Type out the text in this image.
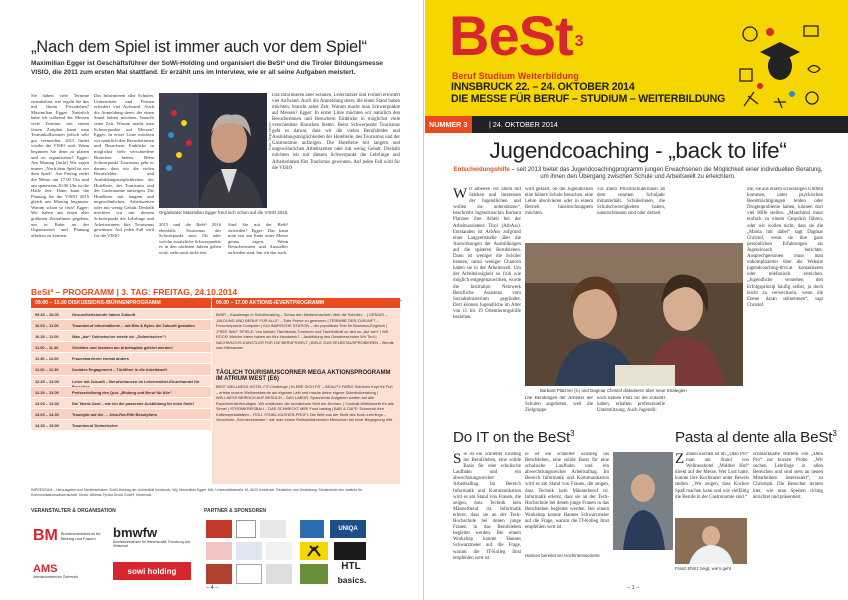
„Nach dem Spiel ist immer auch vor dem Spiel“
Maximilian Egger ist Geschäftsführer der SoWi-Holding und organisiert die BeSt³ und die Tiroler Bildungsmesse VISIO, die 2011 zum ersten Mal stattfand. Er erzählt uns im Interview, wie er all seine Aufgaben meistert.
Sie haben viele Termine einzuhalten, wie regeln Sie das mit Ihrem Privatleben? Maximilian Egger: Natürlich habe ich während der Messen viele Termine, mit einem festen Zeitplan kann man Terminkollisionen jedoch sehr gut vermeiden. 2015 findet wieder die VISIO statt. Wann beginnen Sie denn zu planen und zu organisieren? Egger: Am Montag (lacht) Wir sagen immer „Nach dem Spiel ist vor dem Spiel“. Am Freitag endet die Messe um 17.00 Uhr und um spätestens 20.00 Uhr ist die Halle leer. Dann kann die Planung für die VISIO 2015 gleich am Montag beginnen. Warum schon so früh? Egger: Wir haben uns einen eher größeren Zeitrahmen gegeben, um in Ruhe an der Organisation und Planung arbeiten zu können.
Das Informieren aller Schulen, Unterstützer und Firmen erfordert viel Aufwand. Auch die Anmeldung derer, die einen Stand haben möchten, braucht seine Zeit. Warum macht man Schwerpunkte auf Messen? Egger: In erster Linie möchten wir natürlich den Besucherinnen und Besuchern Einblicke in möglichst viele verschiedene Branchen bieten. Beim Schwerpunkt Tourismus geht es darum, dass wir die vielen Berufsfelder und Ausbildungsmöglichkeiten der Hotellerie, des Tourismus und der Gastronomie aufzeigen. Die Hotellerie mit langem und ungewöhnlichen Arbeitszeiten oder mit wenig Gehalt. Deshalb möchten wir mit diesem Schwerpunkt die Lehrlinge und Arbeiterinnen fürs Tourismus gewinnen. Auf jeden Fall wird für die VISIO
Organisator Maximilian Egger freut sich schon auf die VISIO 2015.
Foto: Tanja Meyer
2015 und die BeSt³ 2016 ebenfalls Tourismus der Schwerpunkt sein. Ob oder welche zusätzliche Schwerpunkte es in den nächsten Jahren geben wird, steht noch nicht fest.
Sind Sie mit der BeSt³ zufrieden? Egger: Das kann man erst am Ende einer Messe genau sagen. Wenn Besucherinnen und Aussteller zufrieden sind, bin ich das auch.
Das Informieren aller Schulen, Unterstützer und Firmen erfordert viel Aufwand. Auch die Anmeldung derer, die einen Stand haben möchten, braucht seine Zeit. Warum macht man Schwerpunkte auf Messen? Egger: In erster Linie möchten wir natürlich den Besucherinnen und Besuchern Einblicke in möglichst viele verschiedene Branchen bieten. Beim Schwerpunkt Tourismus geht es darum, dass wir die vielen Berufsfelder und Ausbildungsmöglichkeiten der Hotellerie, des Tourismus und der Gastronomie aufzeigen. Die Hotellerie mit langem und ungewöhnlichen Arbeitszeiten oder mit wenig Gehalt. Deshalb möchten wir mit diesem Schwerpunkt die Lehrlinge und Arbeiterinnen fürs Tourismus gewinnen. Auf jeden Fall wird für die VISIO
BeSt³ – PROGRAMM | 3. TAG: FREITAG, 24.10.2014
09.00 – 15.00 DISKUSSIONS-/BÜHNENPROGRAMM	09.00 – 17.00 AKTIONS-/EVENTPROGRAMM
09.30 – 10.00	Gesundheitsberufe haben Zukunft
10.00 – 11.00	Traumberuf Informatikerin – mit Bits & Bytes die Zukunft gestalten
10.30 – 11.00	Was „bar“ Dolmetscher werde ich „Dolmetschen“?
11.00 – 11.30	Gebildes und Instoten am Arbeitsplatz gelehrt werden!
11.30 – 12.00	Frauenkarrieren einmal anders
11.00 – 12.30	Soziales Engagement – Türöffner in die Arbeitswelt
12.30 – 13.00	Lehre mit Zukunft – Berufschancen im Lebensmittel-Einzelhandel für
12.30 – 13.00	Preisverleihung des Quiz „Bildung und Beruf für Alle“
13.00 – 13.30	Die Talent-Card – wie ich die passende Ausbildung für mich finde!
14.00 – 14.30	Traumjob auf der ... Jeba-Rot-Rith Beautyfarm
14.30 – 15.00	Traumberuf Dolmetscher
BeSt³ – Kanalwege in Schulberatung – Schau den Medienmachern über die Schulter… | GENIUS – „BILDUNG UND BERUF FÜR ALLE“ – Tolle Preise zu gewinnen | TERMINE DER ZUKUNFT – Forscherpraxis Computer | KULINARISCHE STATION – der populärste Test für Business-Englisch | „FREE WAY“ SPIELE: Von kleinen Tischtennis-Turnieren und Tischfußball zu den zu „Auf wen“ | WE ROCK! Welche Ideen haben wir fürs Handwerk? – Ausbildung des Gewebeschulen Wir Tirol | NACHWUCHS-KÜNSTLER FÜR DIE BERUFSWELT | BIELE ZUM SELBSTAUSPROBIEREN – Berufe zum Mitmachen
TÄGLICH TOURISMUSCORNER MEGA AKTIONSPROGRAMM IM ATRIUM WEST (E6)
BEST WELLNESS HOTEL FIT-Challenge | KLEBE DICH FIT – BEAUTY-FARM: Schönen Kopf für Fuß – erlebe unsere Wellnessberufe am eigenen Leib und mache deine eigene Schminkberatung | WELLNESS BEREICH AUF BESUCH – DAS LABOR: Spannende Aufgaben warten auf alle Experimentierfreudigen. Wir entdecken die wunderbare Welt der Aromen. | Cocktail-Wettbewerb für alle Sinne! | STROMKREISBAU – DAS SCHMECKT MIR! Food tasting | BAR & CAFÉ: Schmeckt ihre Kaffeespezialitäten – ROLL STÜBL-KÜCHEN-PROFI: Die Welt aus der Sicht des Koch-Lehrlings – Verwöhnte „Schmeckmeister“: wie man einem Rollstuhlfahrenden Menschen bei einer Begegnung hilft.
IMPRESSUM – Herausgeber und Medieninhaber: SoWi-Holding der Universität Innsbruck, Wg. Maximilian Egger, MA, Universitätsstraße 15, 6020 Innsbruck. Redaktion und Gestaltung: Studierende des Instituts für Kommunikationswissenschaft. Druck: Athesia-Tyrolia Druck GmbH, Innsbruck.
VERANSTALTER & ORGANISATION	PARTNER & SPONSOREN
BM Bundesministerium für Bildung und Frauen	bmwfw
Bundesministerium für Wissenschaft, Forschung und Wirtschaft
AMS
Arbeitsmarktservice Österreich
sowi holding
UNIQA
HTL
basics.
– 4 –
BeSt $^3$
Beruf Studium Weiterbildung
INNSBRUCK 22. – 24. OKTOBER 2014
DIE MESSE FÜR BERUF – STUDIUM – WEITERBILDUNG
NUMMER 3	| 24. OKTOBER 2014
Jugendcoaching - „back to life“
Entscheidungshilfe – seit 2013 bietet das Jugendcoachingprogramm jungen Erwachsenen die Möglichkeit einer individuellen Beratung, um ihnen den Übergang zwischen Schule und Arbeitswelt zu erleichtern.
Wir arbeiten vor allem mit Stärken und Interessen der Jugendlichen und wollen sie unterstützen“, beschreibt Jugendcoachin Barbara Platzner ihre Arbeit bei der Arbeitsassistenz Tirol (ArbAss). Entstanden ist ArbAss aufgrund einer Langzeitstudie über die Auswirkungen der Ausbildungen auf die späteren Berufsleben. Dann ist weniger die Schüler kennen, umso weniger Chancen haben sie in der Arbeitswelt. Um der Arbeitslosigkeit so früh wie möglich entgegenzuwirken, wurde die Institution Netzwerk Berufliche Assistenz vom Sozialministerium gegründet. Dort können Jugendliche im Alter von 15 bis 19 Orientierungshilfe beziehen.
wird geklärt, ob die Jugendlichen eine höhere Schule besuchen, eine Lehre absolvieren oder in einem Betrieb hineinschnuppern möchten.
vor allem Pflichtschülerinnen ab dem neunten Schuljahr mitunterhält. Schülerinnen, die Schulschwierigkeiten haben, unentschlossen sind oder derzeit
die, sie aus einem schwierigen Umfeld kommen, unter psychischen Beeinträchtigungen leiden oder Drogenprobleme haben, können dort viel Hilfe stellen. „Manchmal muss einfach zu einem Gespräch führen, oder wir wollen nicht, dass sie die „Mama mit dabei“ sagt Dagmar Christof, wenn sie ihre ganz persönlichen Erfahrungen als Jugendcoach berichtet. Ansprechpersonen muss man unkomplizierter über die Website jugendcoaching-tirol.at kontaktieren oder telefonisch erreichen. „Jugendliche verstehen den Erfolgsprinzip häufig selbst, ja doch leicht zu verwechseln, wenn die Ebene daran teilnehmen“, sagt Christof.
Barbara Platzner (li.) und Dagmar Christof diskutieren über neue Strategien
Die Beratungen der Arbeiter der Schulen angeboten, weil die Zielgruppe
noch keinen Platz für die Zukunft haben, erhalten professionelle Unterstützung. Auch Jugendli-
Do IT on the BeSt$^3$
Sie ist ein schneller Einstieg ins Berufsleben, eine solide Basis für eine schulische Laufbahn und ein abwechslungsreicher Arbeitsalltag. Im Bereich Informatik und Kommunikation wird es am Stand von Frauen, die zeigen, dass Technik kein Männerberuf ist. Informatik erlernt, dass sie an der Tech-Hochschule bei denen junge Frauen in das Berufsleben begleitet werden. Bei einem Workshop konnte Hannes Schwarzmeier auf die Frage, warum die IT-Kolleg Imst empfehlen wert ist.
ie ist ein schneller Einstieg ins Berufsleben, eine solide Basis für eine schulische Laufbahn und ein abwechslungsreicher Arbeitsalltag. Im Bereich Informatik und Kommunikation wird es am Stand von Frauen, die zeigen, dass Technik kein Männerberuf ist. Informatik erlernt, dass sie an der Tech-Hochschule bei denen junge Frauen in das Berufsleben begleitet werden. Bei einem Workshop konnte Hannes Schwarzmeier auf die Frage, warum die IT-Kolleg Imst empfehlen wert ist.
Hannes bereitet sei Hochintresserierte
Pasta al dente alla BeSt$^3$
Zahnen kochen ist im „Dein Pro“ man am Stand von Wellnesshotel „Walther Hof“ direkt auf der Messe. Wer Lust hatte, konnte ihre Kochkunst unter Beweis stellen. „Wir zeigen, dass Kochen Spaß machen kann und wie vielfältig die Berufe in der Gastronomie sind.“
Franz Ehritz zeigt, wie's geht
schmackhafte Waffeln von „Dein Pro“ zur kurzen Probe. „Wir suchen Lehrlinge in allen Bereichen und sind stets an neuen Mitarbeitern interessiert“, so Christoph. Die Besucher lernten hier, wie man Speisen richtig anrichtet und präsentiert.
– 1 –
